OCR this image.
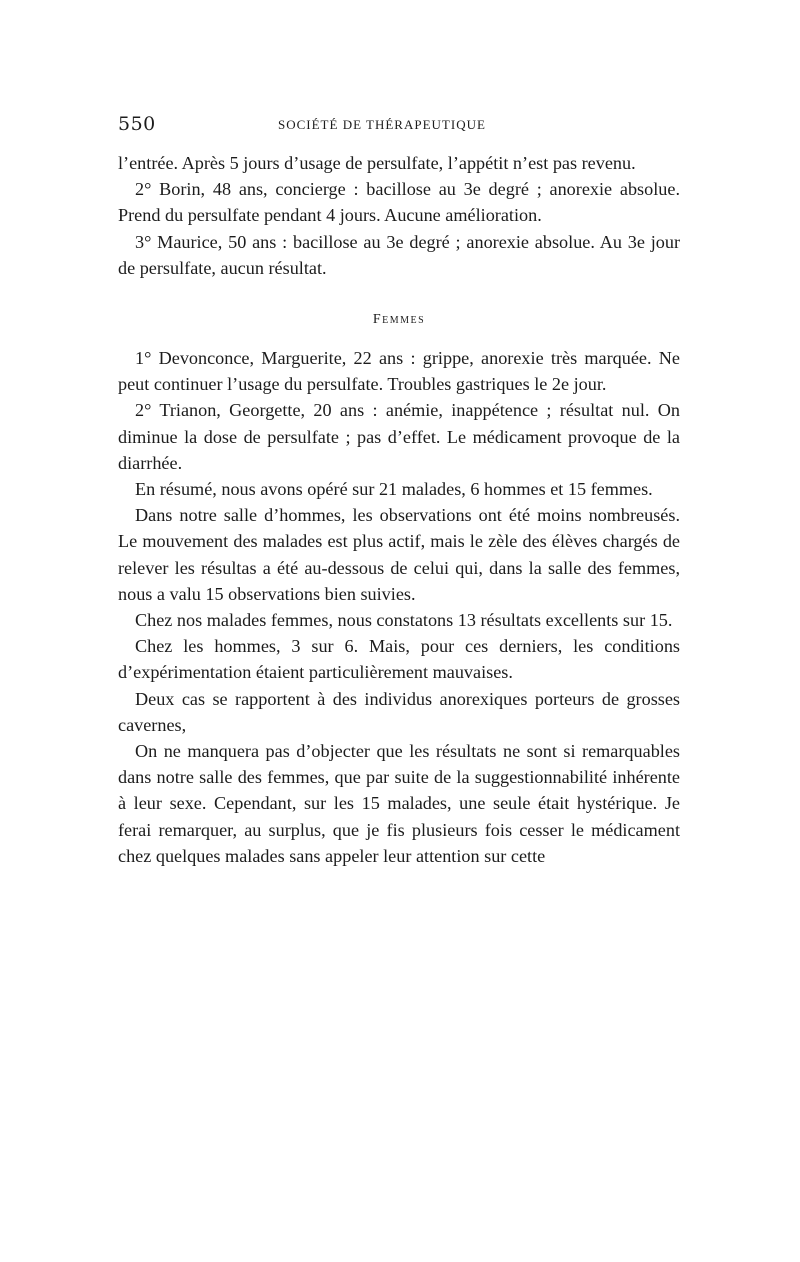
550	SOCIÉTÉ DE THÉRAPEUTIQUE

l’entrée. Après 5 jours d’usage de persulfate, l’appétit n’est pas revenu.

2° Borin, 48 ans, concierge : bacillose au 3e degré ; anorexie absolue. Prend du persulfate pendant 4 jours. Aucune amélioration.

3° Maurice, 50 ans : bacillose au 3e degré ; anorexie absolue. Au 3e jour de persulfate, aucun résultat.

Femmes

1° Devonconce, Marguerite, 22 ans : grippe, anorexie très marquée. Ne peut continuer l’usage du persulfate. Troubles gastriques le 2e jour.

2° Trianon, Georgette, 20 ans : anémie, inappétence ; résultat nul. On diminue la dose de persulfate ; pas d’effet. Le médicament provoque de la diarrhée.

En résumé, nous avons opéré sur 21 malades, 6 hommes et 15 femmes.

Dans notre salle d’hommes, les observations ont été moins nombreusés. Le mouvement des malades est plus actif, mais le zèle des élèves chargés de relever les résultas a été au-dessous de celui qui, dans la salle des femmes, nous a valu 15 observations bien suivies.

Chez nos malades femmes, nous constatons 13 résultats excellents sur 15.

Chez les hommes, 3 sur 6. Mais, pour ces derniers, les conditions d’expérimentation étaient particulièrement mauvaises.

Deux cas se rapportent à des individus anorexiques porteurs de grosses cavernes,

On ne manquera pas d’objecter que les résultats ne sont si remarquables dans notre salle des femmes, que par suite de la suggestionnabilité inhérente à leur sexe. Cependant, sur les 15 malades, une seule était hystérique. Je ferai remarquer, au surplus, que je fis plusieurs fois cesser le médicament chez quelques malades sans appeler leur attention sur cette
